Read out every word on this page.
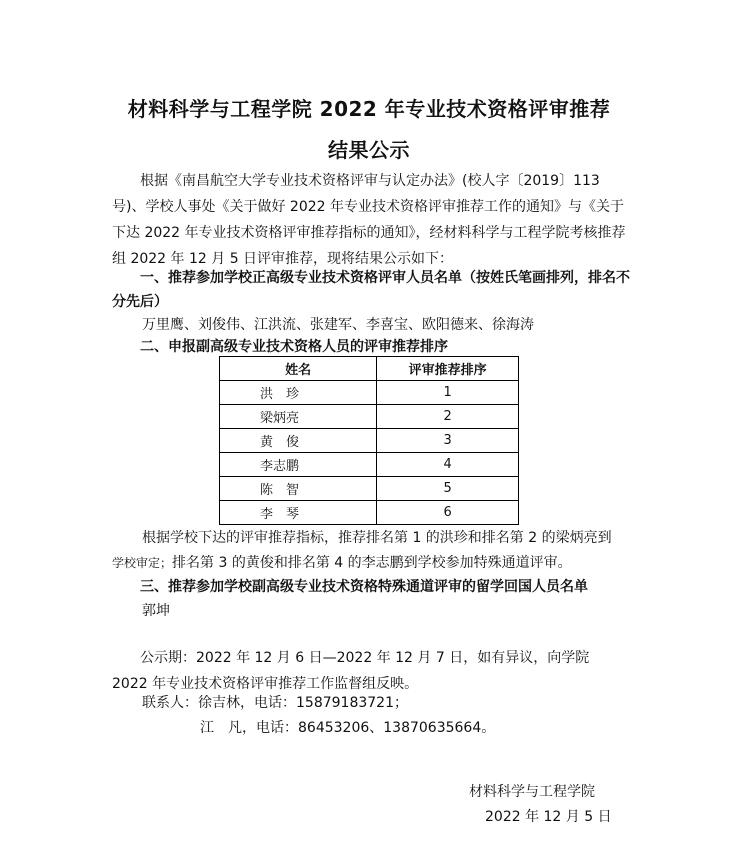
材料科学与工程学院 2022 年专业技术资格评审推荐
结果公示
根据《南昌航空大学专业技术资格评审与认定办法》(校人字〔2019〕113 号)、学校人事处《关于做好 2022 年专业技术资格评审推荐工作的通知》与《关于下达 2022 年专业技术资格评审推荐指标的通知》，经材料科学与工程学院考核推荐组 2022 年 12 月 5 日评审推荐，现将结果公示如下：
一、推荐参加学校正高级专业技术资格评审人员名单（按姓氏笔画排列，排名不分先后）
万里鹰、刘俊伟、江洪流、张建军、李喜宝、欧阳德来、徐海涛
二、申报副高级专业技术资格人员的评审推荐排序
姓名	评审推荐排序
洪　珍	1
梁炳亮	2
黄　俊	3
李志鹏	4
陈　智	5
李　琴	6
根据学校下达的评审推荐指标，推荐排名第 1 的洪珍和排名第 2 的梁炳亮到
学校审定；排名第 3 的黄俊和排名第 4 的李志鹏到学校参加特殊通道评审。
三、推荐参加学校副高级专业技术资格特殊通道评审的留学回国人员名单
郭坤
公示期：2022 年 12 月 6 日—2022 年 12 月 7 日，如有异议，向学院 2022 年专业技术资格评审推荐工作监督组反映。
联系人：徐吉林，电话：15879183721；
江　凡，电话：86453206、13870635664。
材料科学与工程学院
2022 年 12 月 5 日
